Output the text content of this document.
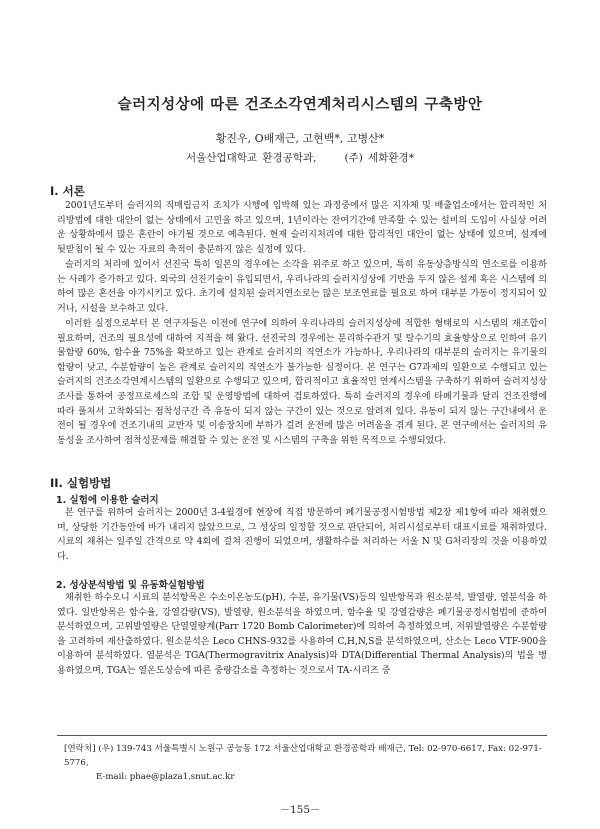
슬러지성상에 따른 건조소각연계처리시스템의 구축방안
황진우, O배재근, 고현백*, 고병산*
서울산업대학교 환경공학과,	(주) 세화환경*
I. 서론
2001년도부터 슬러지의 직매립금지 조치가 시행에 임박해 있는 과정중에서 많은 지자체 및 배출업소에서는 합리적인 처리방법에 대한 대안이 없는 상태에서 고민을 하고 있으며, 1년이라는 잔여기간에 만족할 수 있는 설비의 도입이 사실상 어려운 상황하에서 많은 혼란이 야기될 것으로 예측된다. 현재 슬러지처리에 대한 합리적인 대안이 없는 상태에 있으며, 설계에 뒷받침이 될 수 있는 자료의 축적이 충분하지 않은 실정에 있다.
슬러지의 처리에 있어서 선진국 특히 일본의 경우에는 소각을 위주로 하고 있으며, 특히 유동상층방식의 연소로를 이용하는 사례가 증가하고 있다. 외국의 선진기술이 유입되면서, 우리나라의 슬러지성상에 기반을 두지 않은 설계 혹은 시스템에 의하여 많은 혼선을 야기시키고 있다. 초기에 설치된 슬러지연소로는 많은 보조연료를 필요로 하여 대부분 가동이 정지되어 있거나, 시설을 보수하고 있다.
이러한 실정으로부터 본 연구자들은 이전에 연구에 의하여 우리나라의 슬러지성상에 적합한 형태로의 시스템의 재조합이 필요하며, 건조의 필요성에 대하여 지적을 해 왔다. 선진국의 경우에는 분리하수관거 및 탈수기의 효율향상으로 인하여 유기물함량 60%, 함수율 75%을 확보하고 있는 관계로 슬러지의 직연소가 가능하나, 우리나라의 대부분의 슬러지는 유기물의 함량이 낮고, 수분함량이 높은 관계로 슬러지의 직연소가 불가능한 실정이다. 본 연구는 G7과제의 일환으로 수행되고 있는 슬러지의 건조소각연계시스템의 일환으로 수행되고 있으며, 합리적이고 효율적인 연계시스템을 구축하기 위하여 슬러지성상조사를 통하여 공정프로세스의 조합 및 운영방법에 대하여 검토하였다. 특히 슬러지의 경우에 타폐기물과 달리 건조진행에 따라 풀처서 고착화되는 점착성구간 즉 유동이 되지 않는 구간이 있는 것으로 알려져 있다. 유동이 되지 않는 구간내에서 운전이 될 경우에 건조기내의 교반자 및 이송장치에 부하가 걸려 운전에 많은 어려움을 겪게 된다. 본 연구에서는 슬러지의 유동성을 조사하여 점착성문제를 해결할 수 있는 운전 및 시스템의 구축을 위한 목적으로 수행되었다.
II. 실험방법
1. 실험에 이용한 슬러지
본 연구를 위하여 슬러지는 2000년 3-4월경에 현장에 직접 방문하여 폐기물공정시험방법 제2장 제1항에 따라 채취했으며, 상당한 기간동안에 바가 내리지 않았으므로, 그 성상의 일정할 것으로 판단되어, 처리시설로부터 대표시료를 채취하였다. 시료의 채취는 일주일 간격으로 약 4회에 걸쳐 진행이 되었으며, 생활하수를 처리하는 서울 N 및 G처리장의 것을 이용하였다.
2. 성상분석방법 및 유동화실험방법
채취한 하수오니 시료의 분석항목은 수소이온농도(pH), 수분, 유기물(VS)등의 일반항목과 원소분석, 발열량, 열분석을 하였다. 일반항목은 함수율, 강열감량(VS), 발열량, 원소분석을 하였으며, 함수율 및 강열감량은 폐기물공정시험법에 준하여 분석하였으며, 고위발열량은 단열열량계(Parr 1720 Bomb Calorimeter)에 의하여 측정하였으며, 저위발열량은 수분함량을 고려하여 재산출하였다. 원소분석은 Leco CHNS-932를 사용하여 C,H,N,S를 분석하였으며, 산소는 Leco VTF-900을 이용하여 분석하였다. 열분석은 TGA(Thermogravitrix Analysis)와 DTA(Differential Thermal Analysis)의 법을 병용하였으며, TGA는 열온도상승에 따른 중량감소를 측정하는 것으로서 TA-시리즈 중
[연락처] (우) 139-743 서울특별시 노원구 공능동 172 서울산업대학교 환경공학과 배재근, Tel: 02-970-6617, Fax: 02-971-5776,
E-mail: phae@plaza1.snut.ac.kr
－155－
